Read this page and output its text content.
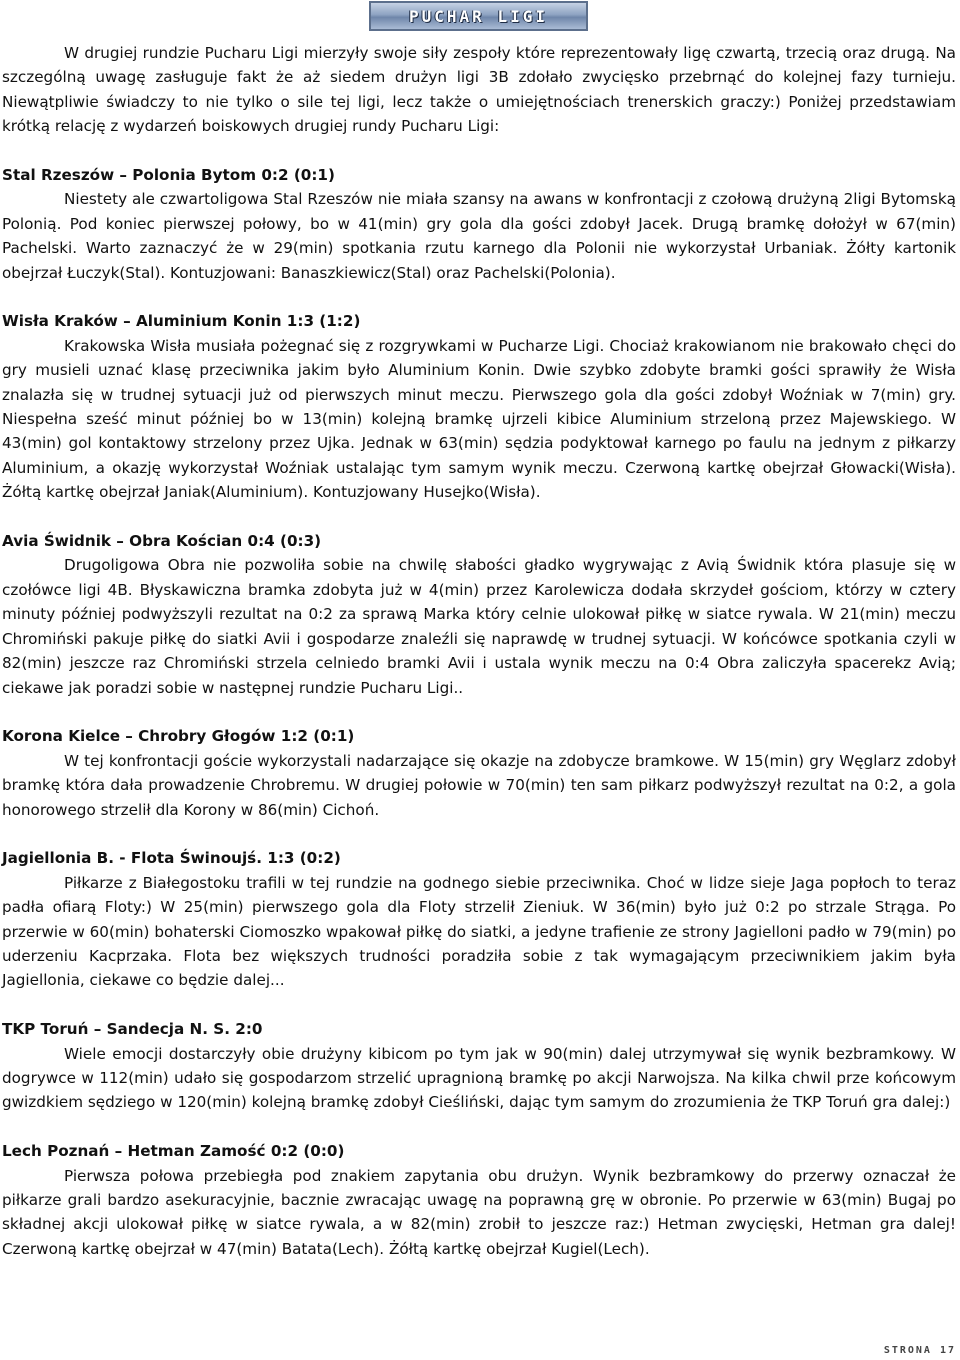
PUCHAR LIGI

W drugiej rundzie Pucharu Ligi mierzyły swoje siły zespoły które reprezentowały ligę czwartą, trzecią oraz drugą. Na szczególną uwagę zasługuje fakt że aż siedem drużyn ligi 3B zdołało zwycięsko przebrnąć do kolejnej fazy turnieju. Niewątpliwie świadczy to nie tylko o sile tej ligi, lecz także o umiejętnościach trenerskich graczy:) Poniżej przedstawiam krótką relację z wydarzeń boiskowych drugiej rundy Pucharu Ligi:

Stal Rzeszów – Polonia Bytom 0:2 (0:1)

Niestety ale czwartoligowa Stal Rzeszów nie miała szansy na awans w konfrontacji z czołową drużyną 2ligi Bytomską Polonią. Pod koniec pierwszej połowy, bo w 41(min) gry gola dla gości zdobył Jacek. Drugą bramkę dołożył w 67(min) Pachelski. Warto zaznaczyć że w 29(min) spotkania rzutu karnego dla Polonii nie wykorzystał Urbaniak. Żółty kartonik obejrzał Łuczyk(Stal). Kontuzjowani: Banaszkiewicz(Stal) oraz Pachelski(Polonia).

Wisła Kraków – Aluminium Konin 1:3 (1:2)

Krakowska Wisła musiała pożegnać się z rozgrywkami w Pucharze Ligi. Chociaż krakowianom nie brakowało chęci do gry musieli uznać klasę przeciwnika jakim było Aluminium Konin. Dwie szybko zdobyte bramki gości sprawiły że Wisła znalazła się w trudnej sytuacji już od pierwszych minut meczu. Pierwszego gola dla gości zdobył Woźniak w 7(min) gry. Niespełna sześć minut później bo w 13(min) kolejną bramkę ujrzeli kibice Aluminium strzeloną przez Majewskiego. W 43(min) gol kontaktowy strzelony przez Ujka. Jednak w 63(min) sędzia podyktował karnego po faulu na jednym z piłkarzy Aluminium, a okazję wykorzystał Woźniak ustalając tym samym wynik meczu. Czerwoną kartkę obejrzał Głowacki(Wisła). Żółtą kartkę obejrzał Janiak(Aluminium). Kontuzjowany Husejko(Wisła).

Avia Świdnik – Obra Kościan 0:4 (0:3)

Drugoligowa Obra nie pozwoliła sobie na chwilę słabości gładko wygrywając z Avią Świdnik która plasuje się w czołówce ligi 4B. Błyskawiczna bramka zdobyta już w 4(min) przez Karolewicza dodała skrzydeł gościom, którzy w cztery minuty później podwyższyli rezultat na 0:2 za sprawą Marka który celnie ulokował piłkę w siatce rywala. W 21(min) meczu Chromiński pakuje piłkę do siatki Avii i gospodarze znaleźli się naprawdę w trudnej sytuacji. W końcówce spotkania czyli w 82(min) jeszcze raz Chromiński strzela celniedo bramki Avii i ustala wynik meczu na 0:4 Obra zaliczyła spacerekz Avią; ciekawe jak poradzi sobie w następnej rundzie Pucharu Ligi..

Korona Kielce – Chrobry Głogów 1:2 (0:1)

W tej konfrontacji goście wykorzystali nadarzające się okazje na zdobycze bramkowe. W 15(min) gry Węglarz zdobył bramkę która dała prowadzenie Chrobremu. W drugiej połowie w 70(min) ten sam piłkarz podwyższył rezultat na 0:2, a gola honorowego strzelił dla Korony w 86(min) Cichoń.

Jagiellonia B. - Flota Świnoujś. 1:3 (0:2)

Piłkarze z Białegostoku trafili w tej rundzie na godnego siebie przeciwnika. Choć w lidze sieje Jaga popłoch to teraz padła ofiarą Floty:) W 25(min) pierwszego gola dla Floty strzelił Zieniuk. W 36(min) było już 0:2 po strzale Strąga. Po przerwie w 60(min) bohaterski Ciomoszko wpakował piłkę do siatki, a jedyne trafienie ze strony Jagielloni padło w 79(min) po uderzeniu Kacprzaka. Flota bez większych trudności poradziła sobie z tak wymagającym przeciwnikiem jakim była Jagiellonia, ciekawe co będzie dalej...

TKP Toruń – Sandecja N. S. 2:0

Wiele emocji dostarczyły obie drużyny kibicom po tym jak w 90(min) dalej utrzymywał się wynik bezbramkowy. W dogrywce w 112(min) udało się gospodarzom strzelić upragnioną bramkę po akcji Narwojsza. Na kilka chwil prze końcowym gwizdkiem sędziego w 120(min) kolejną bramkę zdobył Cieśliński, dając tym samym do zrozumienia że TKP Toruń gra dalej:)

Lech Poznań – Hetman Zamość 0:2 (0:0)

Pierwsza połowa przebiegła pod znakiem zapytania obu drużyn. Wynik bezbramkowy do przerwy oznaczał że piłkarze grali bardzo asekuracyjnie, bacznie zwracając uwagę na poprawną grę w obronie. Po przerwie w 63(min) Bugaj po składnej akcji ulokował piłkę w siatce rywala, a w 82(min) zrobił to jeszcze raz:) Hetman zwycięski, Hetman gra dalej! Czerwoną kartkę obejrzał w 47(min) Batata(Lech). Żółtą kartkę obejrzał Kugiel(Lech).

STRONA 17
